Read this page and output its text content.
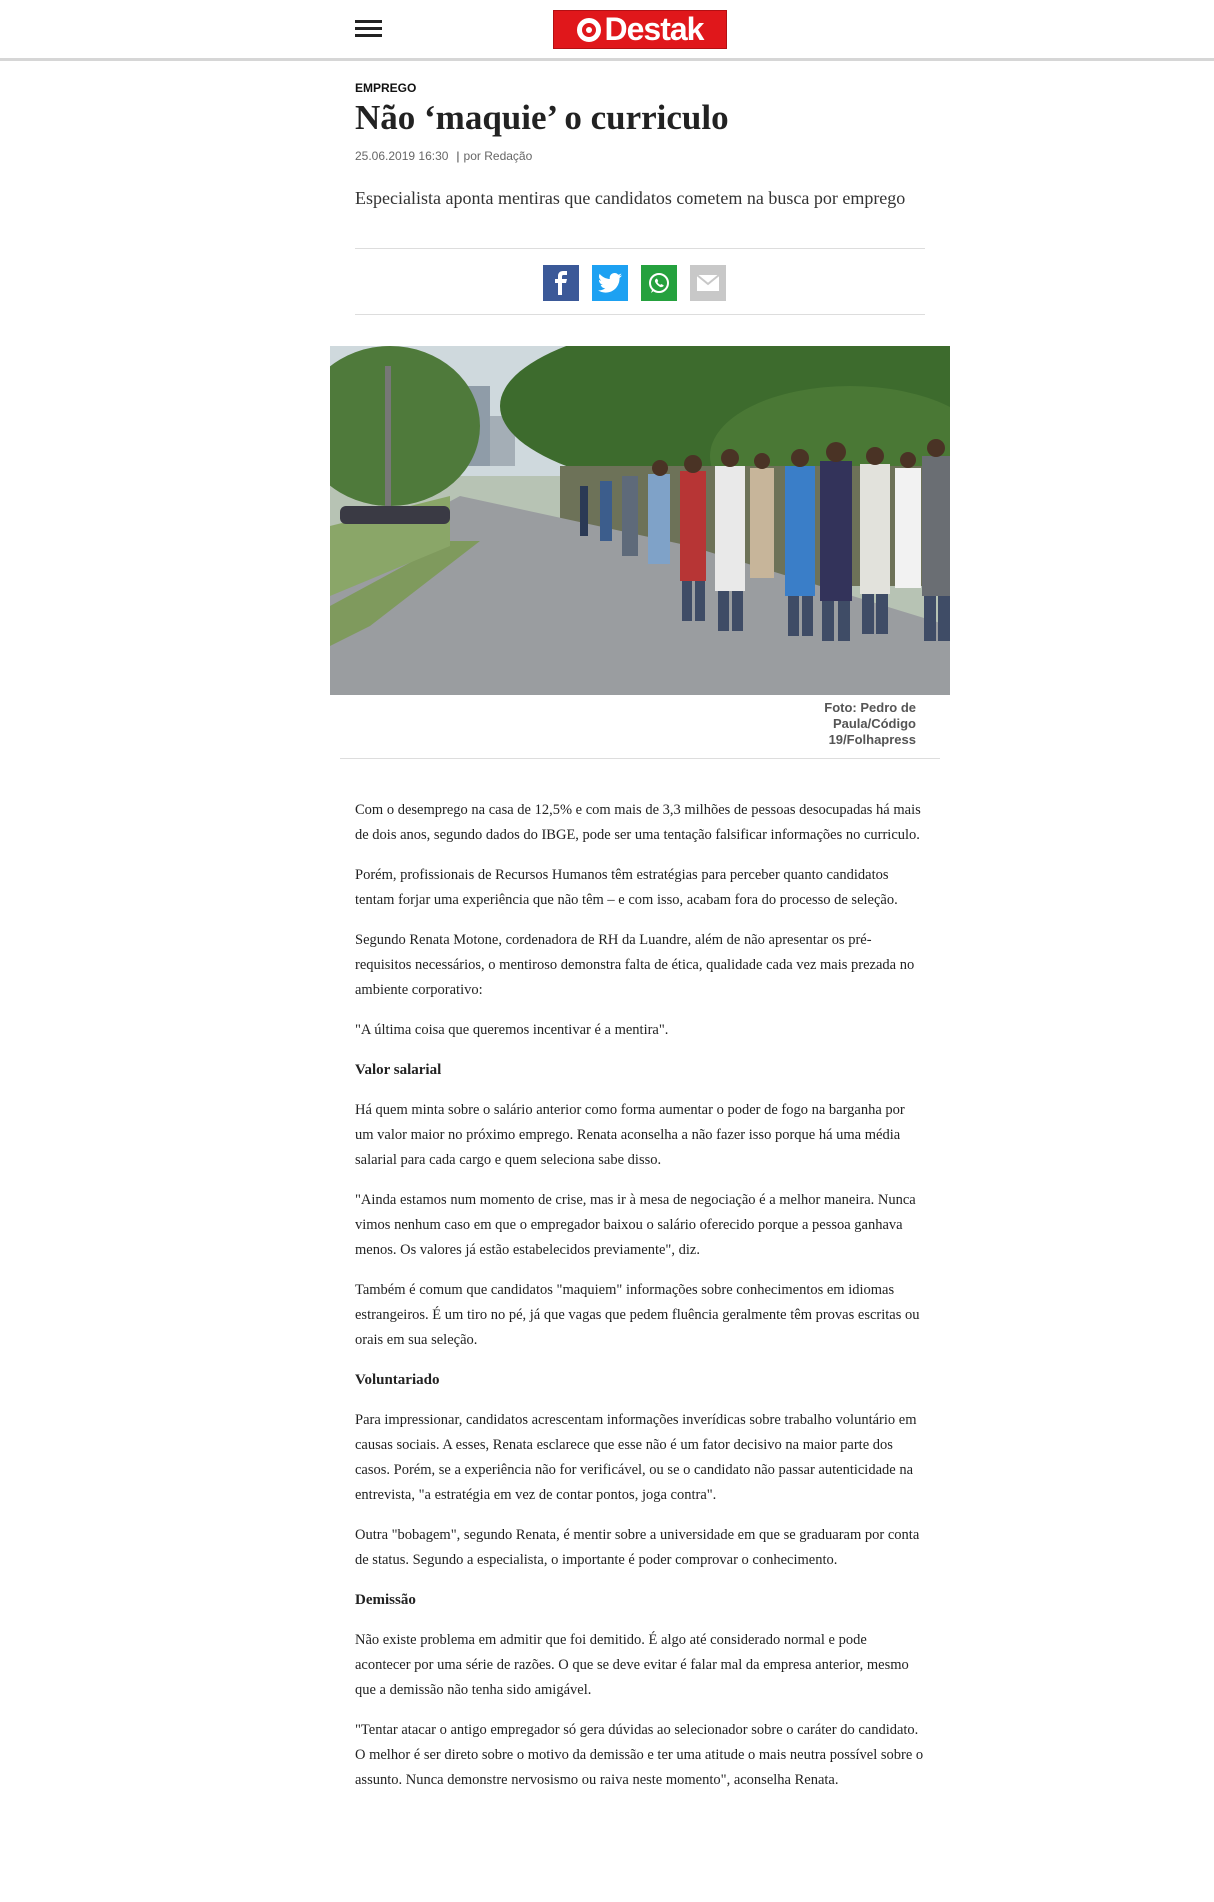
Destak
EMPREGO
Não ‘maquie’ o curriculo
25.06.2019 16:30 | por Redação
Especialista aponta mentiras que candidatos cometem na busca por emprego
Foto: Pedro de
Paula/Código
19/Folhapress

Com o desemprego na casa de 12,5% e com mais de 3,3 milhões de pessoas desocupadas há mais de dois anos, segundo dados do IBGE, pode ser uma tentação falsificar informações no curriculo.

Porém, profissionais de Recursos Humanos têm estratégias para perceber quanto candidatos tentam forjar uma experiência que não têm – e com isso, acabam fora do processo de seleção.

Segundo Renata Motone, cordenadora de RH da Luandre, além de não apresentar os pré-requisitos necessários, o mentiroso demonstra falta de ética, qualidade cada vez mais prezada no ambiente corporativo:

"A última coisa que queremos incentivar é a mentira".

Valor salarial

Há quem minta sobre o salário anterior como forma aumentar o poder de fogo na barganha por um valor maior no próximo emprego. Renata aconselha a não fazer isso porque há uma média salarial para cada cargo e quem seleciona sabe disso.

"Ainda estamos num momento de crise, mas ir à mesa de negociação é a melhor maneira. Nunca vimos nenhum caso em que o empregador baixou o salário oferecido porque a pessoa ganhava menos. Os valores já estão estabelecidos previamente", diz.

Também é comum que candidatos "maquiem" informações sobre conhecimentos em idiomas estrangeiros. É um tiro no pé, já que vagas que pedem fluência geralmente têm provas escritas ou orais em sua seleção.

Voluntariado

Para impressionar, candidatos acrescentam informações inverídicas sobre trabalho voluntário em causas sociais. A esses, Renata esclarece que esse não é um fator decisivo na maior parte dos casos. Porém, se a experiência não for verificável, ou se o candidato não passar autenticidade na entrevista, "a estratégia em vez de contar pontos, joga contra".

Outra "bobagem", segundo Renata, é mentir sobre a universidade em que se graduaram por conta de status. Segundo a especialista, o importante é poder comprovar o conhecimento.

Demissão

Não existe problema em admitir que foi demitido. É algo até considerado normal e pode acontecer por uma série de razões. O que se deve evitar é falar mal da empresa anterior, mesmo que a demissão não tenha sido amigável.

"Tentar atacar o antigo empregador só gera dúvidas ao selecionador sobre o caráter do candidato. O melhor é ser direto sobre o motivo da demissão e ter uma atitude o mais neutra possível sobre o assunto. Nunca demonstre nervosismo ou raiva neste momento", aconselha Renata.
